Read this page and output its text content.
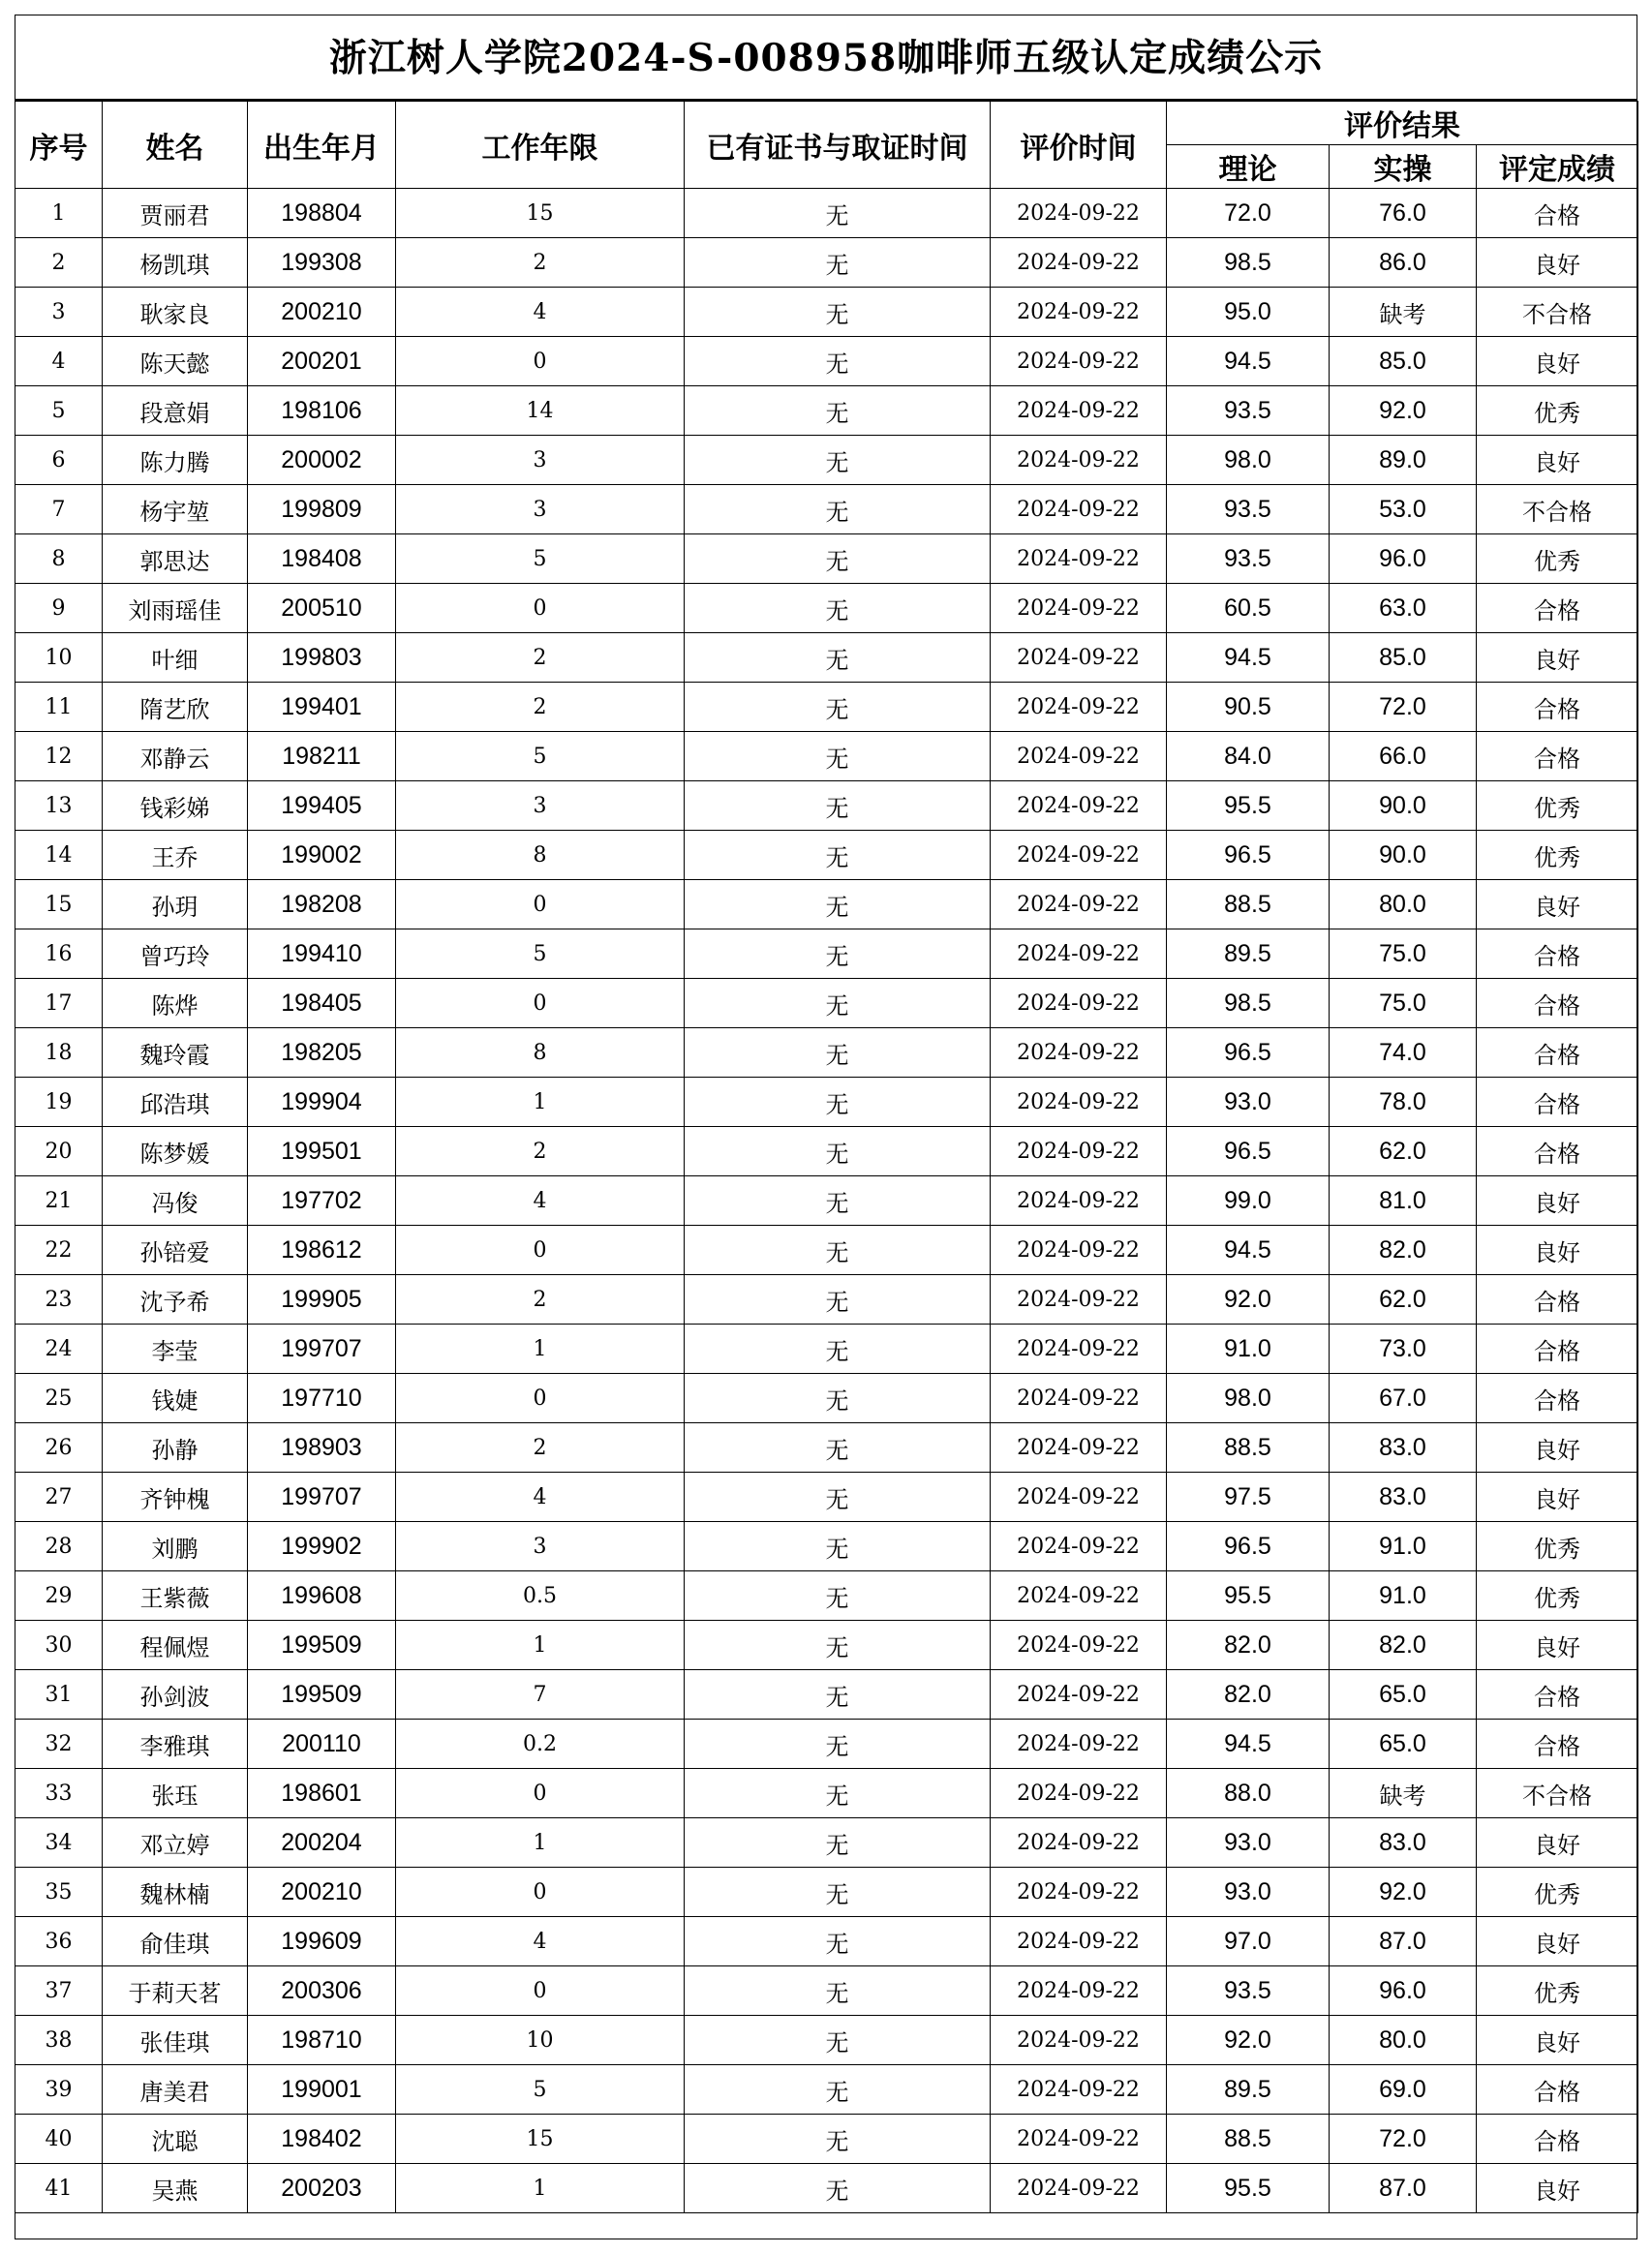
浙江树人学院2024-S-008958咖啡师五级认定成绩公示
序号	姓名	出生年月	工作年限	已有证书与取证时间	评价时间	评价结果		
						理论	实操	评定成绩
1	贾丽君	198804	15	无	2024-09-22	72.0	76.0	合格
2	杨凯琪	199308	2	无	2024-09-22	98.5	86.0	良好
3	耿家良	200210	4	无	2024-09-22	95.0	缺考	不合格
4	陈天懿	200201	0	无	2024-09-22	94.5	85.0	良好
5	段意娟	198106	14	无	2024-09-22	93.5	92.0	优秀
6	陈力腾	200002	3	无	2024-09-22	98.0	89.0	良好
7	杨宇堃	199809	3	无	2024-09-22	93.5	53.0	不合格
8	郭思达	198408	5	无	2024-09-22	93.5	96.0	优秀
9	刘雨瑶佳	200510	0	无	2024-09-22	60.5	63.0	合格
10	叶细	199803	2	无	2024-09-22	94.5	85.0	良好
11	隋艺欣	199401	2	无	2024-09-22	90.5	72.0	合格
12	邓静云	198211	5	无	2024-09-22	84.0	66.0	合格
13	钱彩娣	199405	3	无	2024-09-22	95.5	90.0	优秀
14	王乔	199002	8	无	2024-09-22	96.5	90.0	优秀
15	孙玥	198208	0	无	2024-09-22	88.5	80.0	良好
16	曾巧玲	199410	5	无	2024-09-22	89.5	75.0	合格
17	陈烨	198405	0	无	2024-09-22	98.5	75.0	合格
18	魏玲霞	198205	8	无	2024-09-22	96.5	74.0	合格
19	邱浩琪	199904	1	无	2024-09-22	93.0	78.0	合格
20	陈梦媛	199501	2	无	2024-09-22	96.5	62.0	合格
21	冯俊	197702	4	无	2024-09-22	99.0	81.0	良好
22	孙锫爱	198612	0	无	2024-09-22	94.5	82.0	良好
23	沈予希	199905	2	无	2024-09-22	92.0	62.0	合格
24	李莹	199707	1	无	2024-09-22	91.0	73.0	合格
25	钱婕	197710	0	无	2024-09-22	98.0	67.0	合格
26	孙静	198903	2	无	2024-09-22	88.5	83.0	良好
27	齐钟槐	199707	4	无	2024-09-22	97.5	83.0	良好
28	刘鹏	199902	3	无	2024-09-22	96.5	91.0	优秀
29	王紫薇	199608	0.5	无	2024-09-22	95.5	91.0	优秀
30	程佩煜	199509	1	无	2024-09-22	82.0	82.0	良好
31	孙剑波	199509	7	无	2024-09-22	82.0	65.0	合格
32	李雅琪	200110	0.2	无	2024-09-22	94.5	65.0	合格
33	张珏	198601	0	无	2024-09-22	88.0	缺考	不合格
34	邓立婷	200204	1	无	2024-09-22	93.0	83.0	良好
35	魏林楠	200210	0	无	2024-09-22	93.0	92.0	优秀
36	俞佳琪	199609	4	无	2024-09-22	97.0	87.0	良好
37	于莉天茗	200306	0	无	2024-09-22	93.5	96.0	优秀
38	张佳琪	198710	10	无	2024-09-22	92.0	80.0	良好
39	唐美君	199001	5	无	2024-09-22	89.5	69.0	合格
40	沈聪	198402	15	无	2024-09-22	88.5	72.0	合格
41	吴燕	200203	1	无	2024-09-22	95.5	87.0	良好
